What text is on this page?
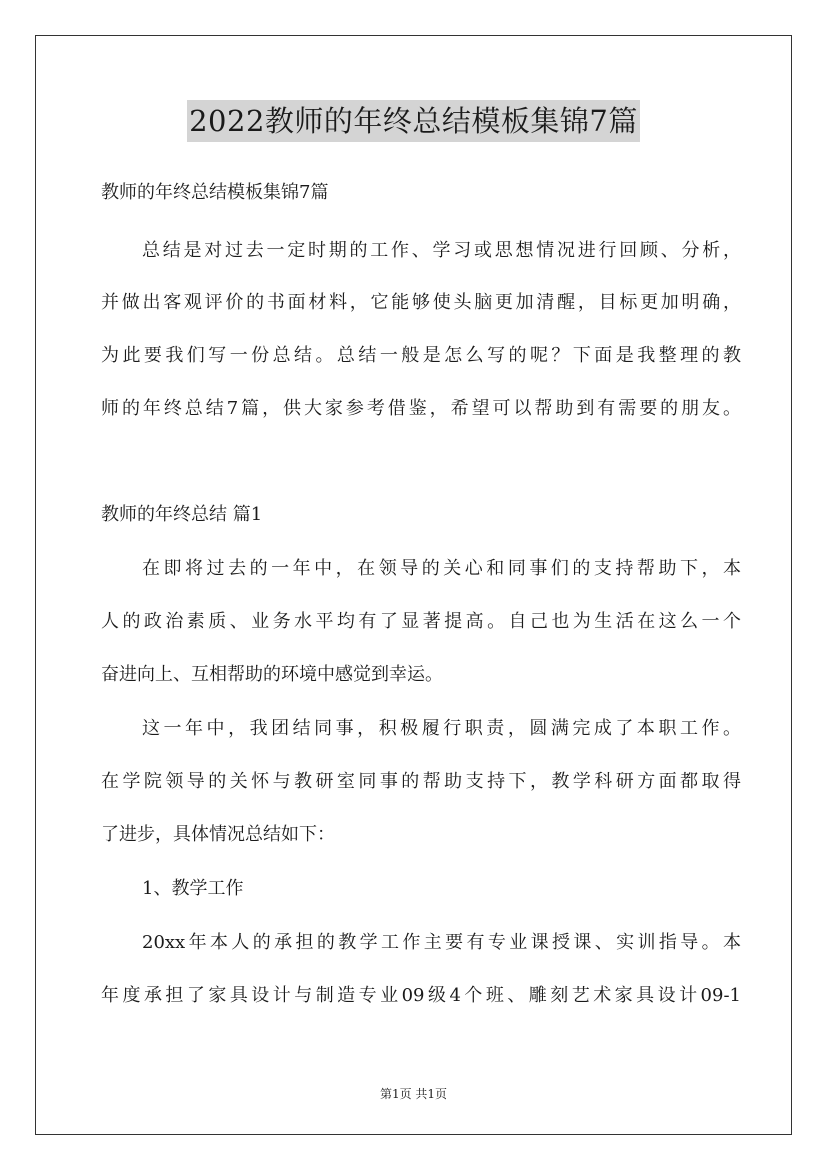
2022教师的年终总结模板集锦7篇
教师的年终总结模板集锦7篇

总结是对过去一定时期的工作、学习或思想情况进行回顾、分析，

并做出客观评价的书面材料，它能够使头脑更加清醒，目标更加明确，

为此要我们写一份总结。总结一般是怎么写的呢？下面是我整理的教

师的年终总结7篇，供大家参考借鉴，希望可以帮助到有需要的朋友。

教师的年终总结 篇1

在即将过去的一年中，在领导的关心和同事们的支持帮助下，本

人的政治素质、业务水平均有了显著提高。自己也为生活在这么一个

奋进向上、互相帮助的环境中感觉到幸运。

这一年中，我团结同事，积极履行职责，圆满完成了本职工作。

在学院领导的关怀与教研室同事的帮助支持下，教学科研方面都取得

了进步，具体情况总结如下：

1、教学工作

20xx年本人的承担的教学工作主要有专业课授课、实训指导。本

年度承担了家具设计与制造专业09级4个班、雕刻艺术家具设计09-1

第1页 共1页
